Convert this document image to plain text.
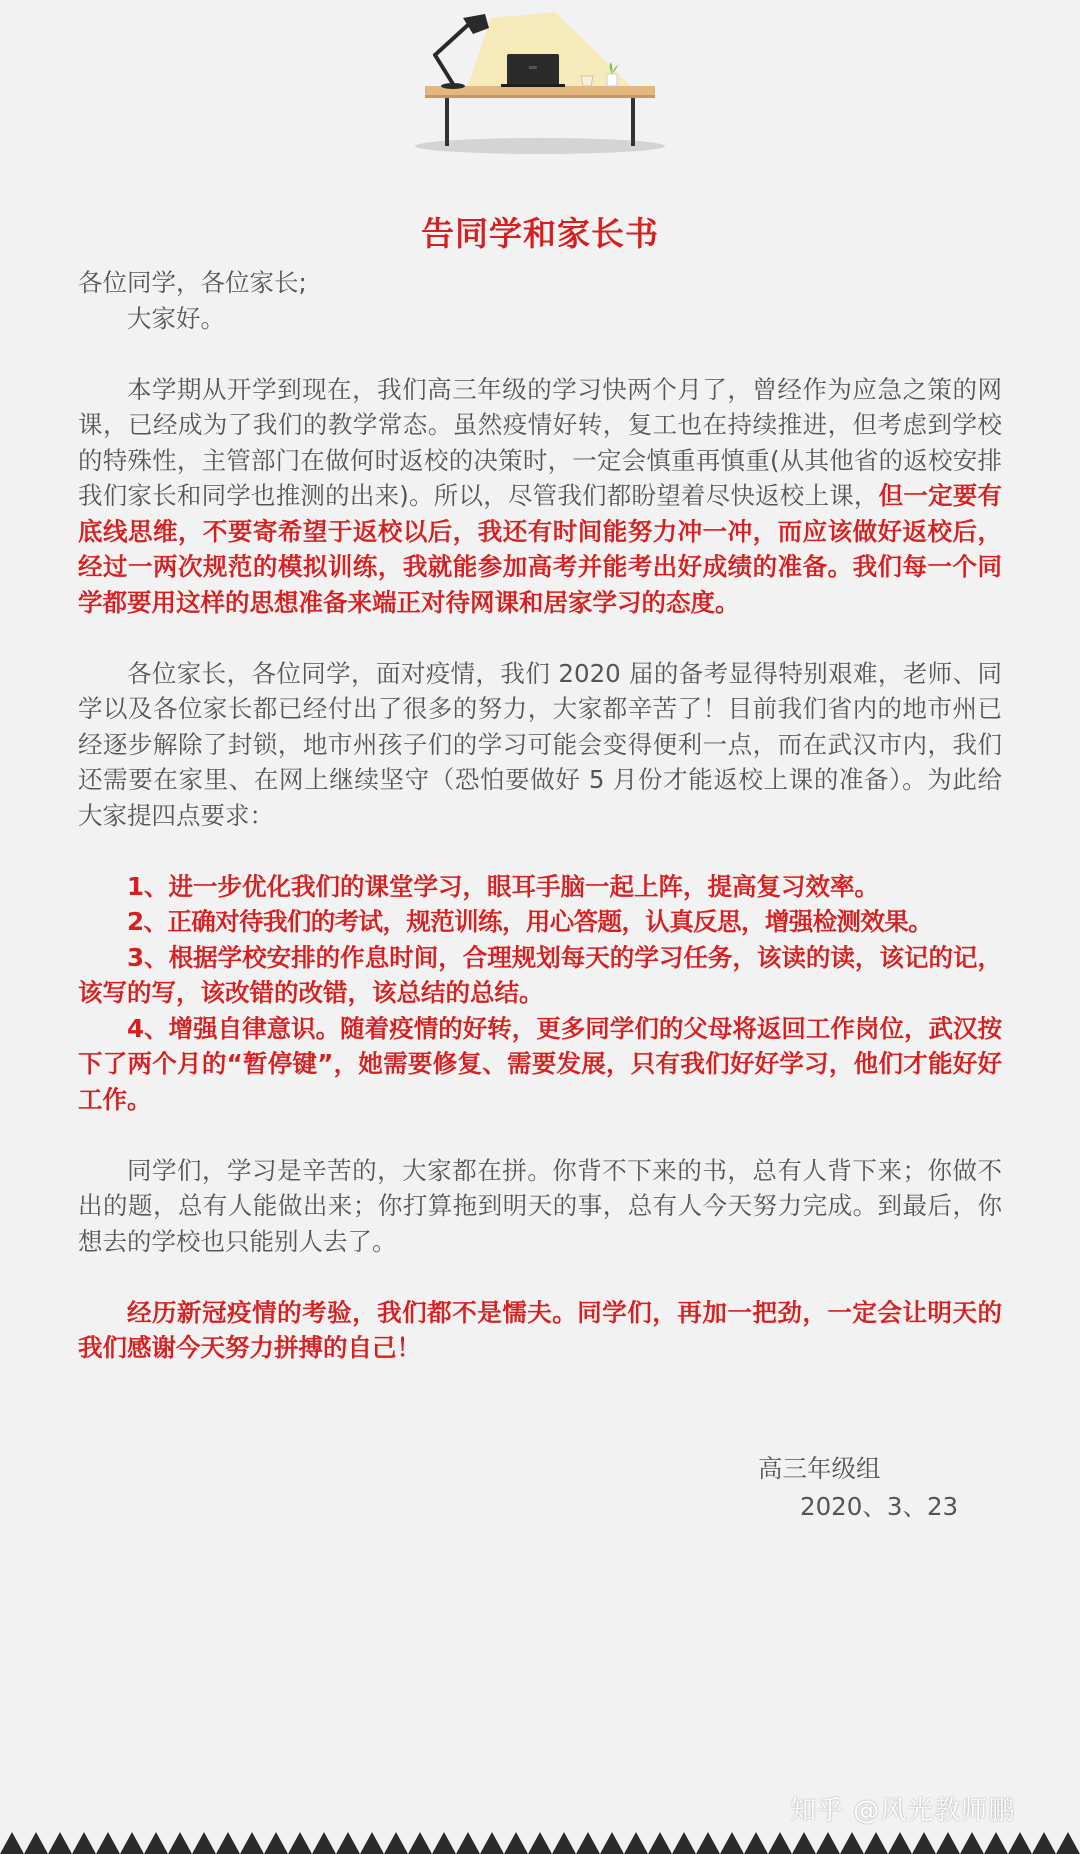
告同学和家长书

各位同学，各位家长;

大家好。

本学期从开学到现在，我们高三年级的学习快两个月了，曾经作为应急之策的网课，已经成为了我们的教学常态。虽然疫情好转，复工也在持续推进，但考虑到学校的特殊性，主管部门在做何时返校的决策时，一定会慎重再慎重(从其他省的返校安排我们家长和同学也推测的出来)。所以，尽管我们都盼望着尽快返校上课，但一定要有底线思维，不要寄希望于返校以后，我还有时间能努力冲一冲，而应该做好返校后，经过一两次规范的模拟训练，我就能参加高考并能考出好成绩的准备。我们每一个同学都要用这样的思想准备来端正对待网课和居家学习的态度。

各位家长，各位同学，面对疫情，我们 2020 届的备考显得特别艰难，老师、同学以及各位家长都已经付出了很多的努力，大家都辛苦了！目前我们省内的地市州已经逐步解除了封锁，地市州孩子们的学习可能会变得便利一点，而在武汉市内，我们还需要在家里、在网上继续坚守（恐怕要做好 5 月份才能返校上课的准备）。为此给大家提四点要求：

1、进一步优化我们的课堂学习，眼耳手脑一起上阵，提高复习效率。

2、正确对待我们的考试，规范训练，用心答题，认真反思，增强检测效果。

3、根据学校安排的作息时间，合理规划每天的学习任务，该读的读，该记的记，该写的写，该改错的改错，该总结的总结。

4、增强自律意识。随着疫情的好转，更多同学们的父母将返回工作岗位，武汉按下了两个月的“暂停键”，她需要修复、需要发展，只有我们好好学习，他们才能好好工作。

同学们，学习是辛苦的，大家都在拼。你背不下来的书，总有人背下来；你做不出的题，总有人能做出来；你打算拖到明天的事，总有人今天努力完成。到最后，你想去的学校也只能别人去了。

经历新冠疫情的考验，我们都不是懦夫。同学们，再加一把劲，一定会让明天的我们感谢今天努力拼搏的自己！

高三年级组
2020、3、23
知乎 @风光教师鹏
